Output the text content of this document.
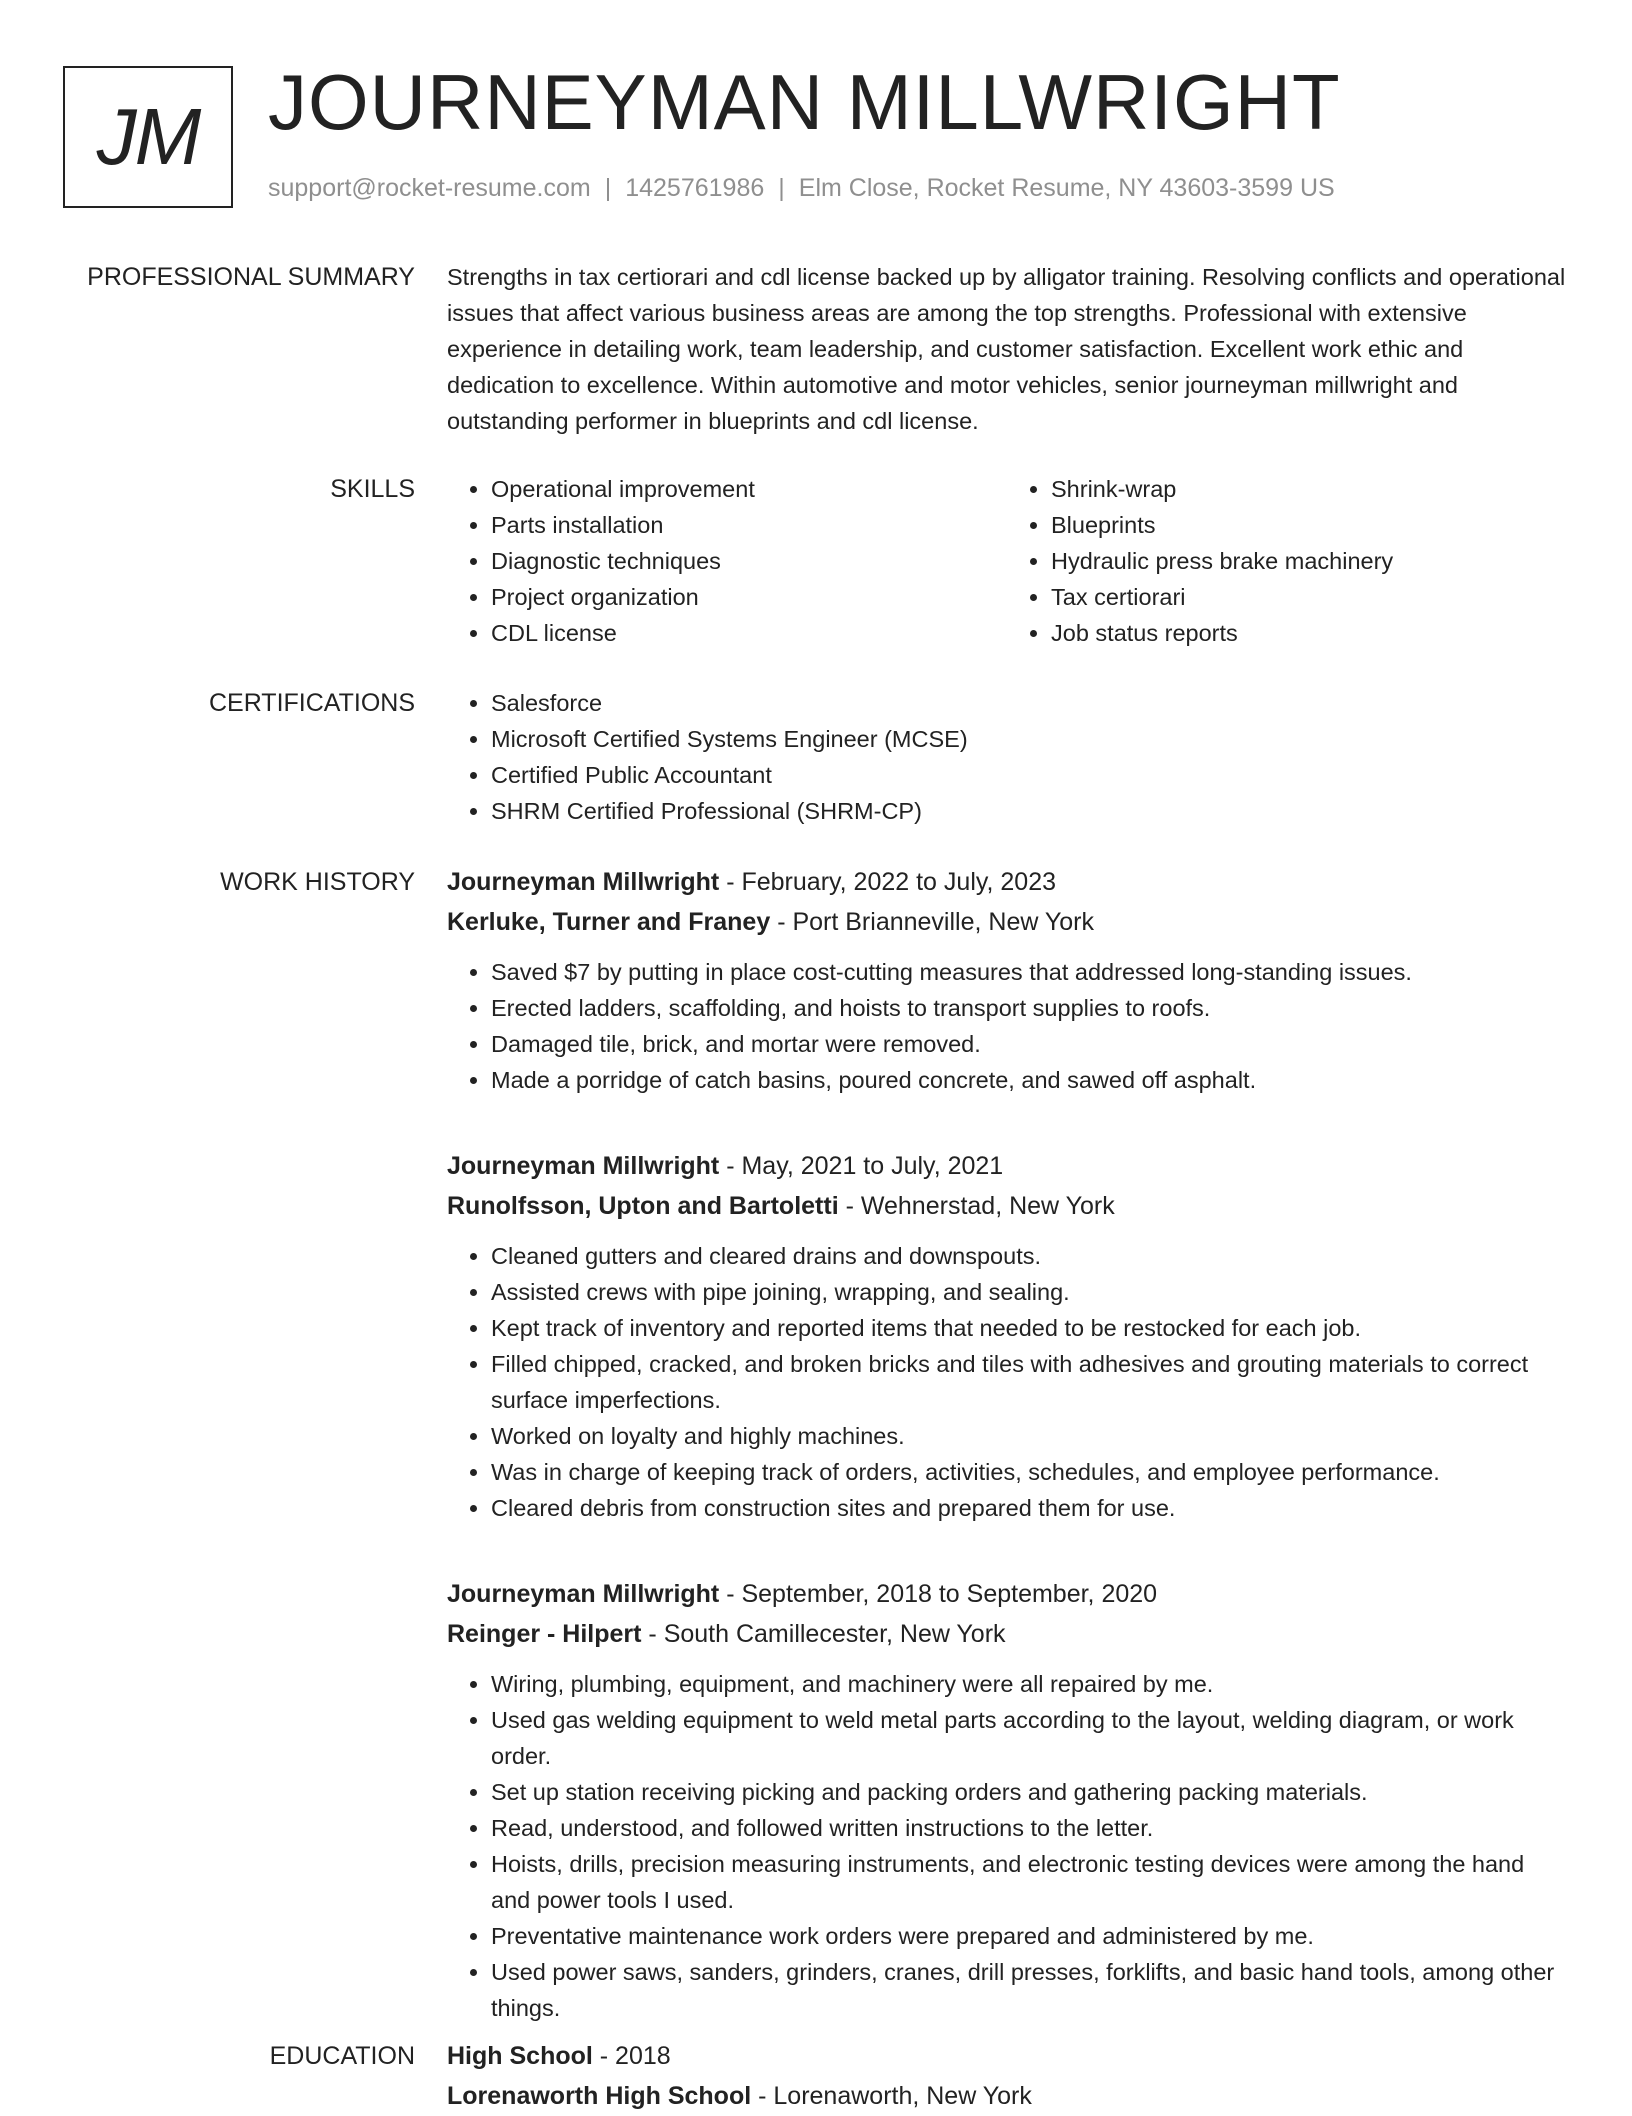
JM JOURNEYMAN MILLWRIGHT
support@rocket-resume.com | 1425761986 | Elm Close, Rocket Resume, NY 43603-3599 US
PROFESSIONAL SUMMARY Strengths in tax certiorari and cdl license backed up by alligator training. Resolving conflicts and operational issues that affect various business areas are among the top strengths. Professional with extensive experience in detailing work, team leadership, and customer satisfaction. Excellent work ethic and dedication to excellence. Within automotive and motor vehicles, senior journeyman millwright and outstanding performer in blueprints and cdl license.

SKILLS	• Operational improvement
• Parts installation
• Diagnostic techniques
• Project organization
• CDL license
• Shrink-wrap
• Blueprints
• Hydraulic press brake machinery
• Tax certiorari
• Job status reports
CERTIFICATIONS	• Salesforce
• Microsoft Certified Systems Engineer (MCSE)
• Certified Public Accountant
• SHRM Certified Professional (SHRM-CP)
WORK HISTORY Journeyman Millwright - February, 2022 to July, 2023
Kerluke, Turner and Franey - Port Brianneville, New York
• Saved $7 by putting in place cost-cutting measures that addressed long-standing issues.
• Erected ladders, scaffolding, and hoists to transport supplies to roofs.
• Damaged tile, brick, and mortar were removed.
• Made a porridge of catch basins, poured concrete, and sawed off asphalt.
Journeyman Millwright - May, 2021 to July, 2021
Runolfsson, Upton and Bartoletti - Wehnerstad, New York
• Cleaned gutters and cleared drains and downspouts.
• Assisted crews with pipe joining, wrapping, and sealing.
• Kept track of inventory and reported items that needed to be restocked for each job.
• Filled chipped, cracked, and broken bricks and tiles with adhesives and grouting materials to correct surface imperfections.
• Worked on loyalty and highly machines.
• Was in charge of keeping track of orders, activities, schedules, and employee performance.
• Cleared debris from construction sites and prepared them for use.
Journeyman Millwright - September, 2018 to September, 2020
Reinger - Hilpert - South Camillecester, New York
• Wiring, plumbing, equipment, and machinery were all repaired by me.
• Used gas welding equipment to weld metal parts according to the layout, welding diagram, or work order.
• Set up station receiving picking and packing orders and gathering packing materials.
• Read, understood, and followed written instructions to the letter.
• Hoists, drills, precision measuring instruments, and electronic testing devices were among the hand and power tools I used.
• Preventative maintenance work orders were prepared and administered by me.
• Used power saws, sanders, grinders, cranes, drill presses, forklifts, and basic hand tools, among other things.
EDUCATION High School - 2018
Lorenaworth High School - Lorenaworth, New York
